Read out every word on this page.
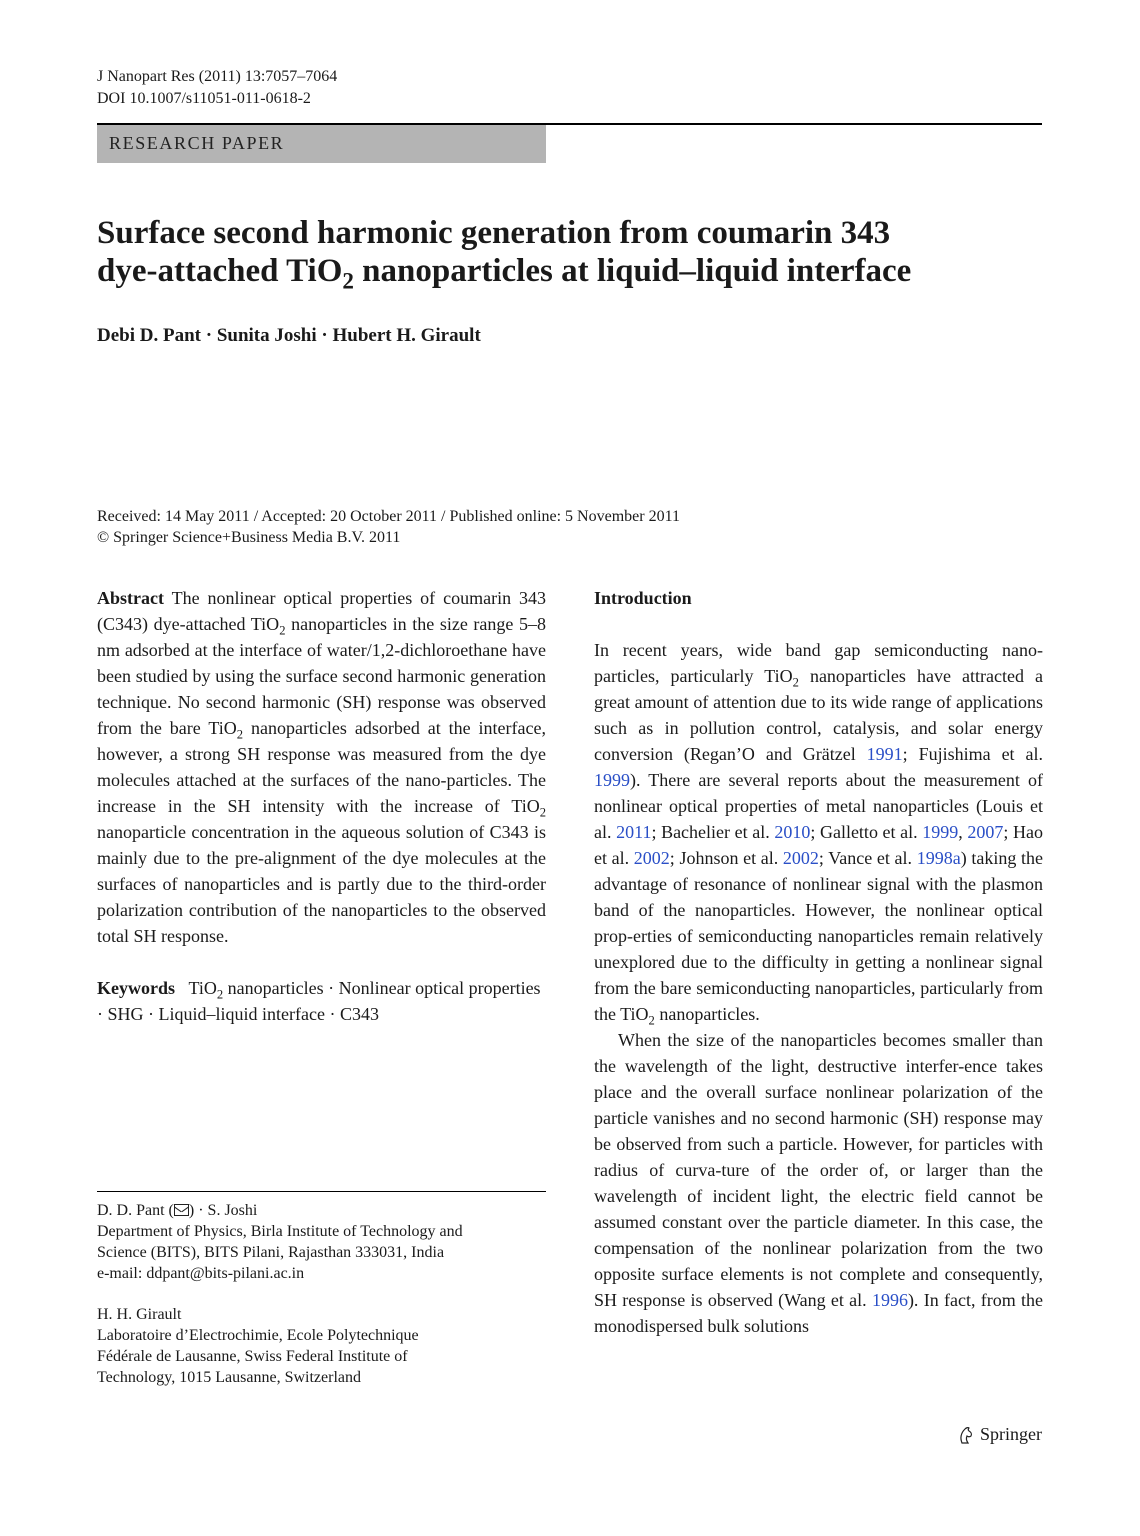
J Nanopart Res (2011) 13:7057–7064
DOI 10.1007/s11051-011-0618-2
RESEARCH PAPER
Surface second harmonic generation from coumarin 343
dye-attached TiO$_2$ nanoparticles at liquid–liquid interface
Debi D. Pant · Sunita Joshi · Hubert H. Girault
Received: 14 May 2011 / Accepted: 20 October 2011 / Published online: 5 November 2011
© Springer Science+Business Media B.V. 2011

Abstract The nonlinear optical properties of coumarin 343 (C343) dye-attached TiO$_2$ nanoparticles in the size range 5–8 nm adsorbed at the interface of water/1,2-dichloroethane have been studied by using the surface second harmonic generation technique. No second harmonic (SH) response was observed from the bare TiO$_2$ nanoparticles adsorbed at the interface, however, a strong SH response was measured from the dye molecules attached at the surfaces of the nano-particles. The increase in the SH intensity with the increase of TiO$_2$ nanoparticle concentration in the aqueous solution of C343 is mainly due to the pre-alignment of the dye molecules at the surfaces of nanoparticles and is partly due to the third-order polarization contribution of the nanoparticles to the observed total SH response.

Keywords TiO$_2$ nanoparticles · Nonlinear optical properties · SHG · Liquid–liquid interface · C343

D. D. Pant ( ) · S. Joshi
Department of Physics, Birla Institute of Technology and
Science (BITS), BITS Pilani, Rajasthan 333031, India
e-mail: ddpant@bits-pilani.ac.in
H. H. Girault
Laboratoire d’Electrochimie, Ecole Polytechnique
Fédérale de Lausanne, Swiss Federal Institute of
Technology, 1015 Lausanne, Switzerland

Introduction

In recent years, wide band gap semiconducting nano-particles, particularly TiO$_2$ nanoparticles have attracted a great amount of attention due to its wide range of applications such as in pollution control, catalysis, and solar energy conversion (Regan’O and Grätzel 1991; Fujishima et al. 1999). There are several reports about the measurement of nonlinear optical properties of metal nanoparticles (Louis et al. 2011; Bachelier et al. 2010; Galletto et al. 1999, 2007; Hao et al. 2002; Johnson et al. 2002; Vance et al. 1998a) taking the advantage of resonance of nonlinear signal with the plasmon band of the nanoparticles. However, the nonlinear optical prop-erties of semiconducting nanoparticles remain relatively unexplored due to the difficulty in getting a nonlinear signal from the bare semiconducting nanoparticles, particularly from the TiO$_2$ nanoparticles.

When the size of the nanoparticles becomes smaller than the wavelength of the light, destructive interfer-ence takes place and the overall surface nonlinear polarization of the particle vanishes and no second harmonic (SH) response may be observed from such a particle. However, for particles with radius of curva-ture of the order of, or larger than the wavelength of incident light, the electric field cannot be assumed constant over the particle diameter. In this case, the compensation of the nonlinear polarization from the two opposite surface elements is not complete and consequently, SH response is observed (Wang et al. 1996). In fact, from the monodispersed bulk solutions

Springer
